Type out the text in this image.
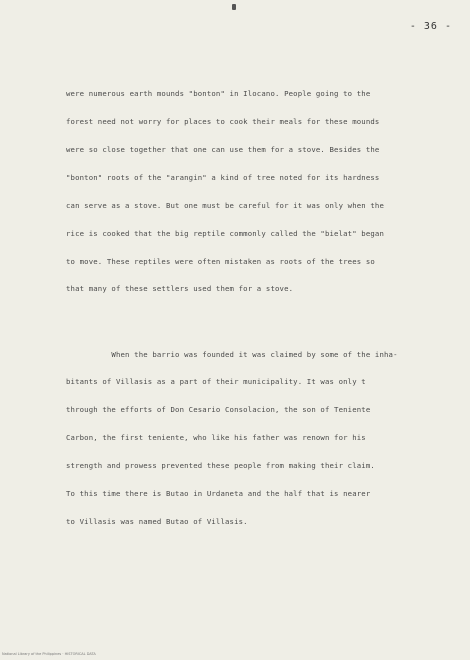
- 36 -

were numerous earth mounds "bonton" in Ilocano. People going to the

forest need not worry for places to cook their meals for these mounds

were so close together that one can use them for a stove. Besides the

"bonton" roots of the "arangin" a kind of tree noted for its hardness

can serve as a stove. But one must be careful for it was only when the

rice is cooked that the big reptile commonly called the "bielat" began

to move. These reptiles were often mistaken as roots of the trees so

that many of these settlers used them for a stove.

When the barrio was founded it was claimed by some of the inha-

bitants of Villasis as a part of their municipality. It was only t

through the efforts of Don Cesario Consolacion, the son of Teniente

Carbon, the first teniente, who like his father was renown for his

strength and prowess prevented these people from making their claim.

To this time there is Butao in Urdaneta and the half that is nearer

to Villasis was named Butao of Villasis.

National Library of the Philippines · HISTORICAL DATA
